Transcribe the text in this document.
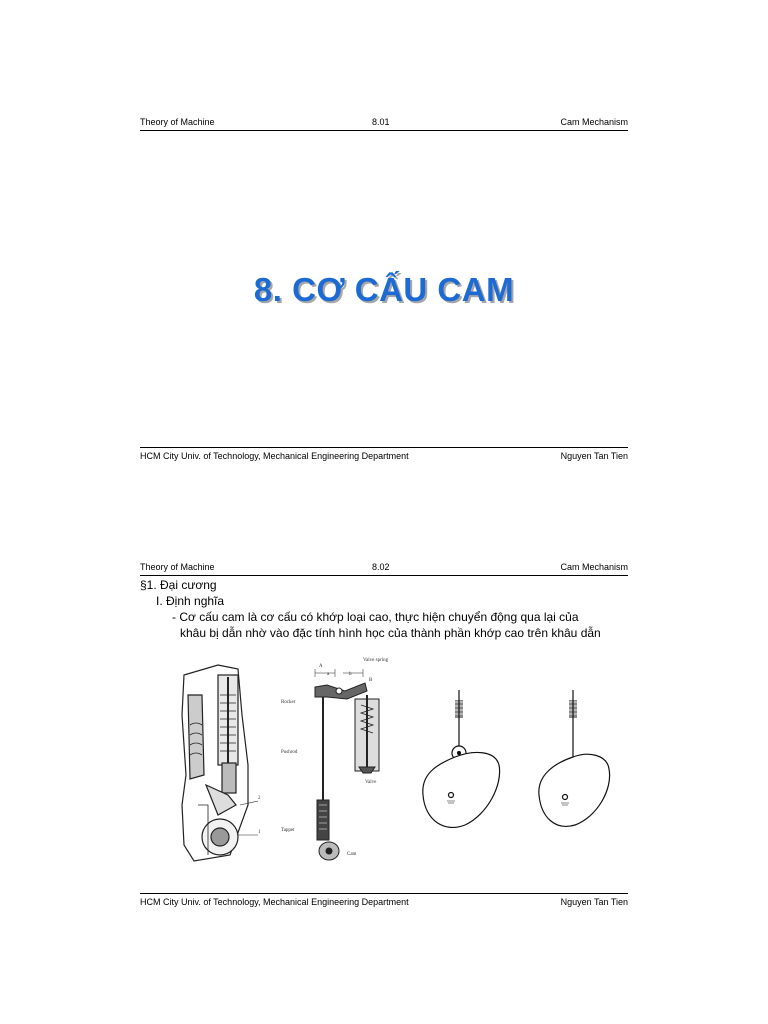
Theory of Machine	8.01	Cam Mechanism
8. CƠ CẤU CAM
HCM City Univ. of Technology, Mechanical Engineering Department	Nguyen Tan Tien
Theory of Machine	8.02	Cam Mechanism
§1. Đại cương
I. Định nghĩa
- Cơ cấu cam là cơ cấu có khớp loại cao, thực hiện chuyển động qua lại của
khâu bị dẫn nhờ vào đặc tính hình học của thành phần khớp cao trên khâu dẫn
2
1
A
a	b
B
Valve spring
Rocker
Pushrod
Valve
Tappet
Cam
HCM City Univ. of Technology, Mechanical Engineering Department	Nguyen Tan Tien
